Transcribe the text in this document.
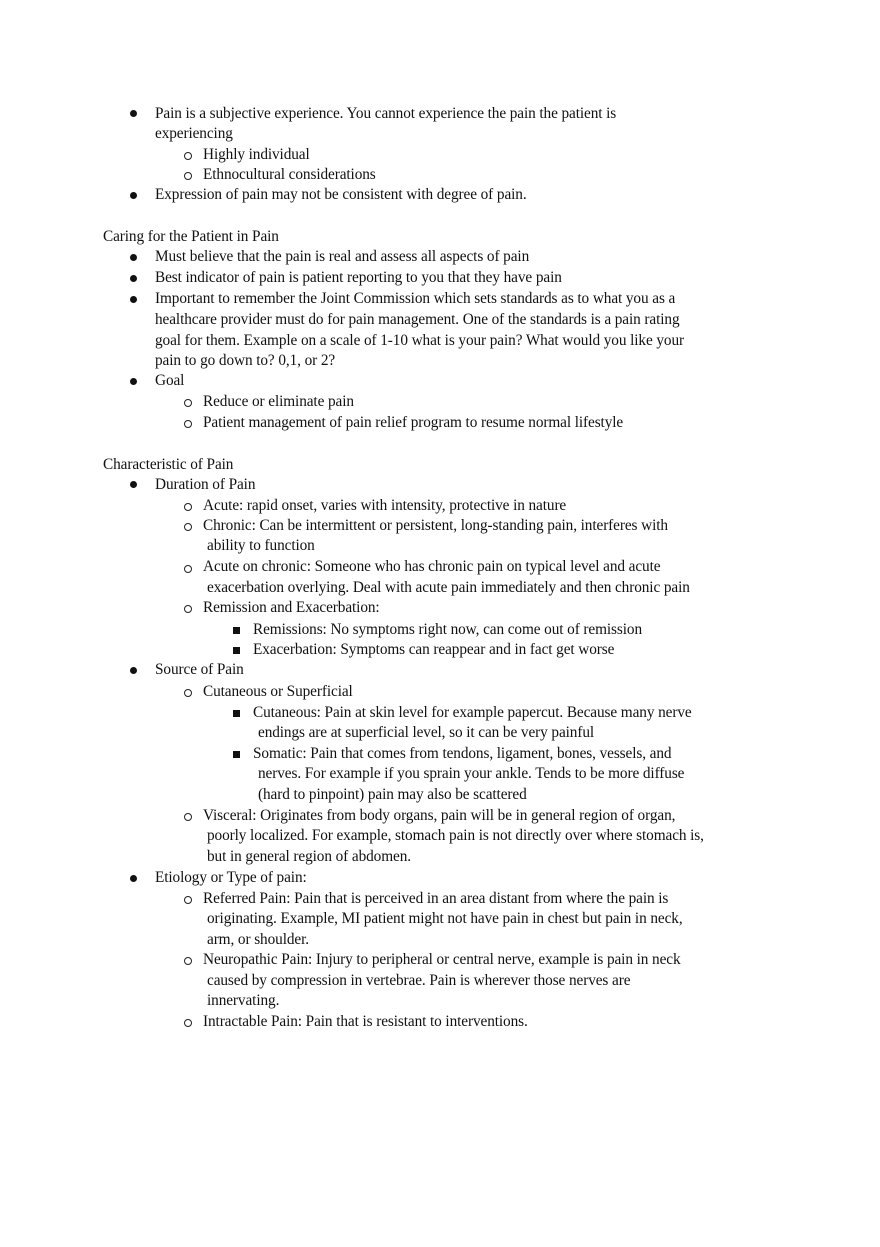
Pain is a subjective experience. You cannot experience the pain the patient is
experiencing
Highly individual
Ethnocultural considerations
Expression of pain may not be consistent with degree of pain.
Caring for the Patient in Pain
Must believe that the pain is real and assess all aspects of pain
Best indicator of pain is patient reporting to you that they have pain
Important to remember the Joint Commission which sets standards as to what you as a
healthcare provider must do for pain management. One of the standards is a pain rating
goal for them. Example on a scale of 1-10 what is your pain? What would you like your
pain to go down to? 0,1, or 2?
Goal
Reduce or eliminate pain
Patient management of pain relief program to resume normal lifestyle
Characteristic of Pain
Duration of Pain
Acute: rapid onset, varies with intensity, protective in nature
Chronic: Can be intermittent or persistent, long-standing pain, interferes with
ability to function
Acute on chronic: Someone who has chronic pain on typical level and acute
exacerbation overlying. Deal with acute pain immediately and then chronic pain
Remission and Exacerbation:
Remissions: No symptoms right now, can come out of remission
Exacerbation: Symptoms can reappear and in fact get worse
Source of Pain
Cutaneous or Superficial
Cutaneous: Pain at skin level for example papercut. Because many nerve
endings are at superficial level, so it can be very painful
Somatic: Pain that comes from tendons, ligament, bones, vessels, and
nerves. For example if you sprain your ankle. Tends to be more diffuse
(hard to pinpoint) pain may also be scattered
Visceral: Originates from body organs, pain will be in general region of organ,
poorly localized. For example, stomach pain is not directly over where stomach is,
but in general region of abdomen.
Etiology or Type of pain:
Referred Pain: Pain that is perceived in an area distant from where the pain is
originating. Example, MI patient might not have pain in chest but pain in neck,
arm, or shoulder.
Neuropathic Pain: Injury to peripheral or central nerve, example is pain in neck
caused by compression in vertebrae. Pain is wherever those nerves are
innervating.
Intractable Pain: Pain that is resistant to interventions.
